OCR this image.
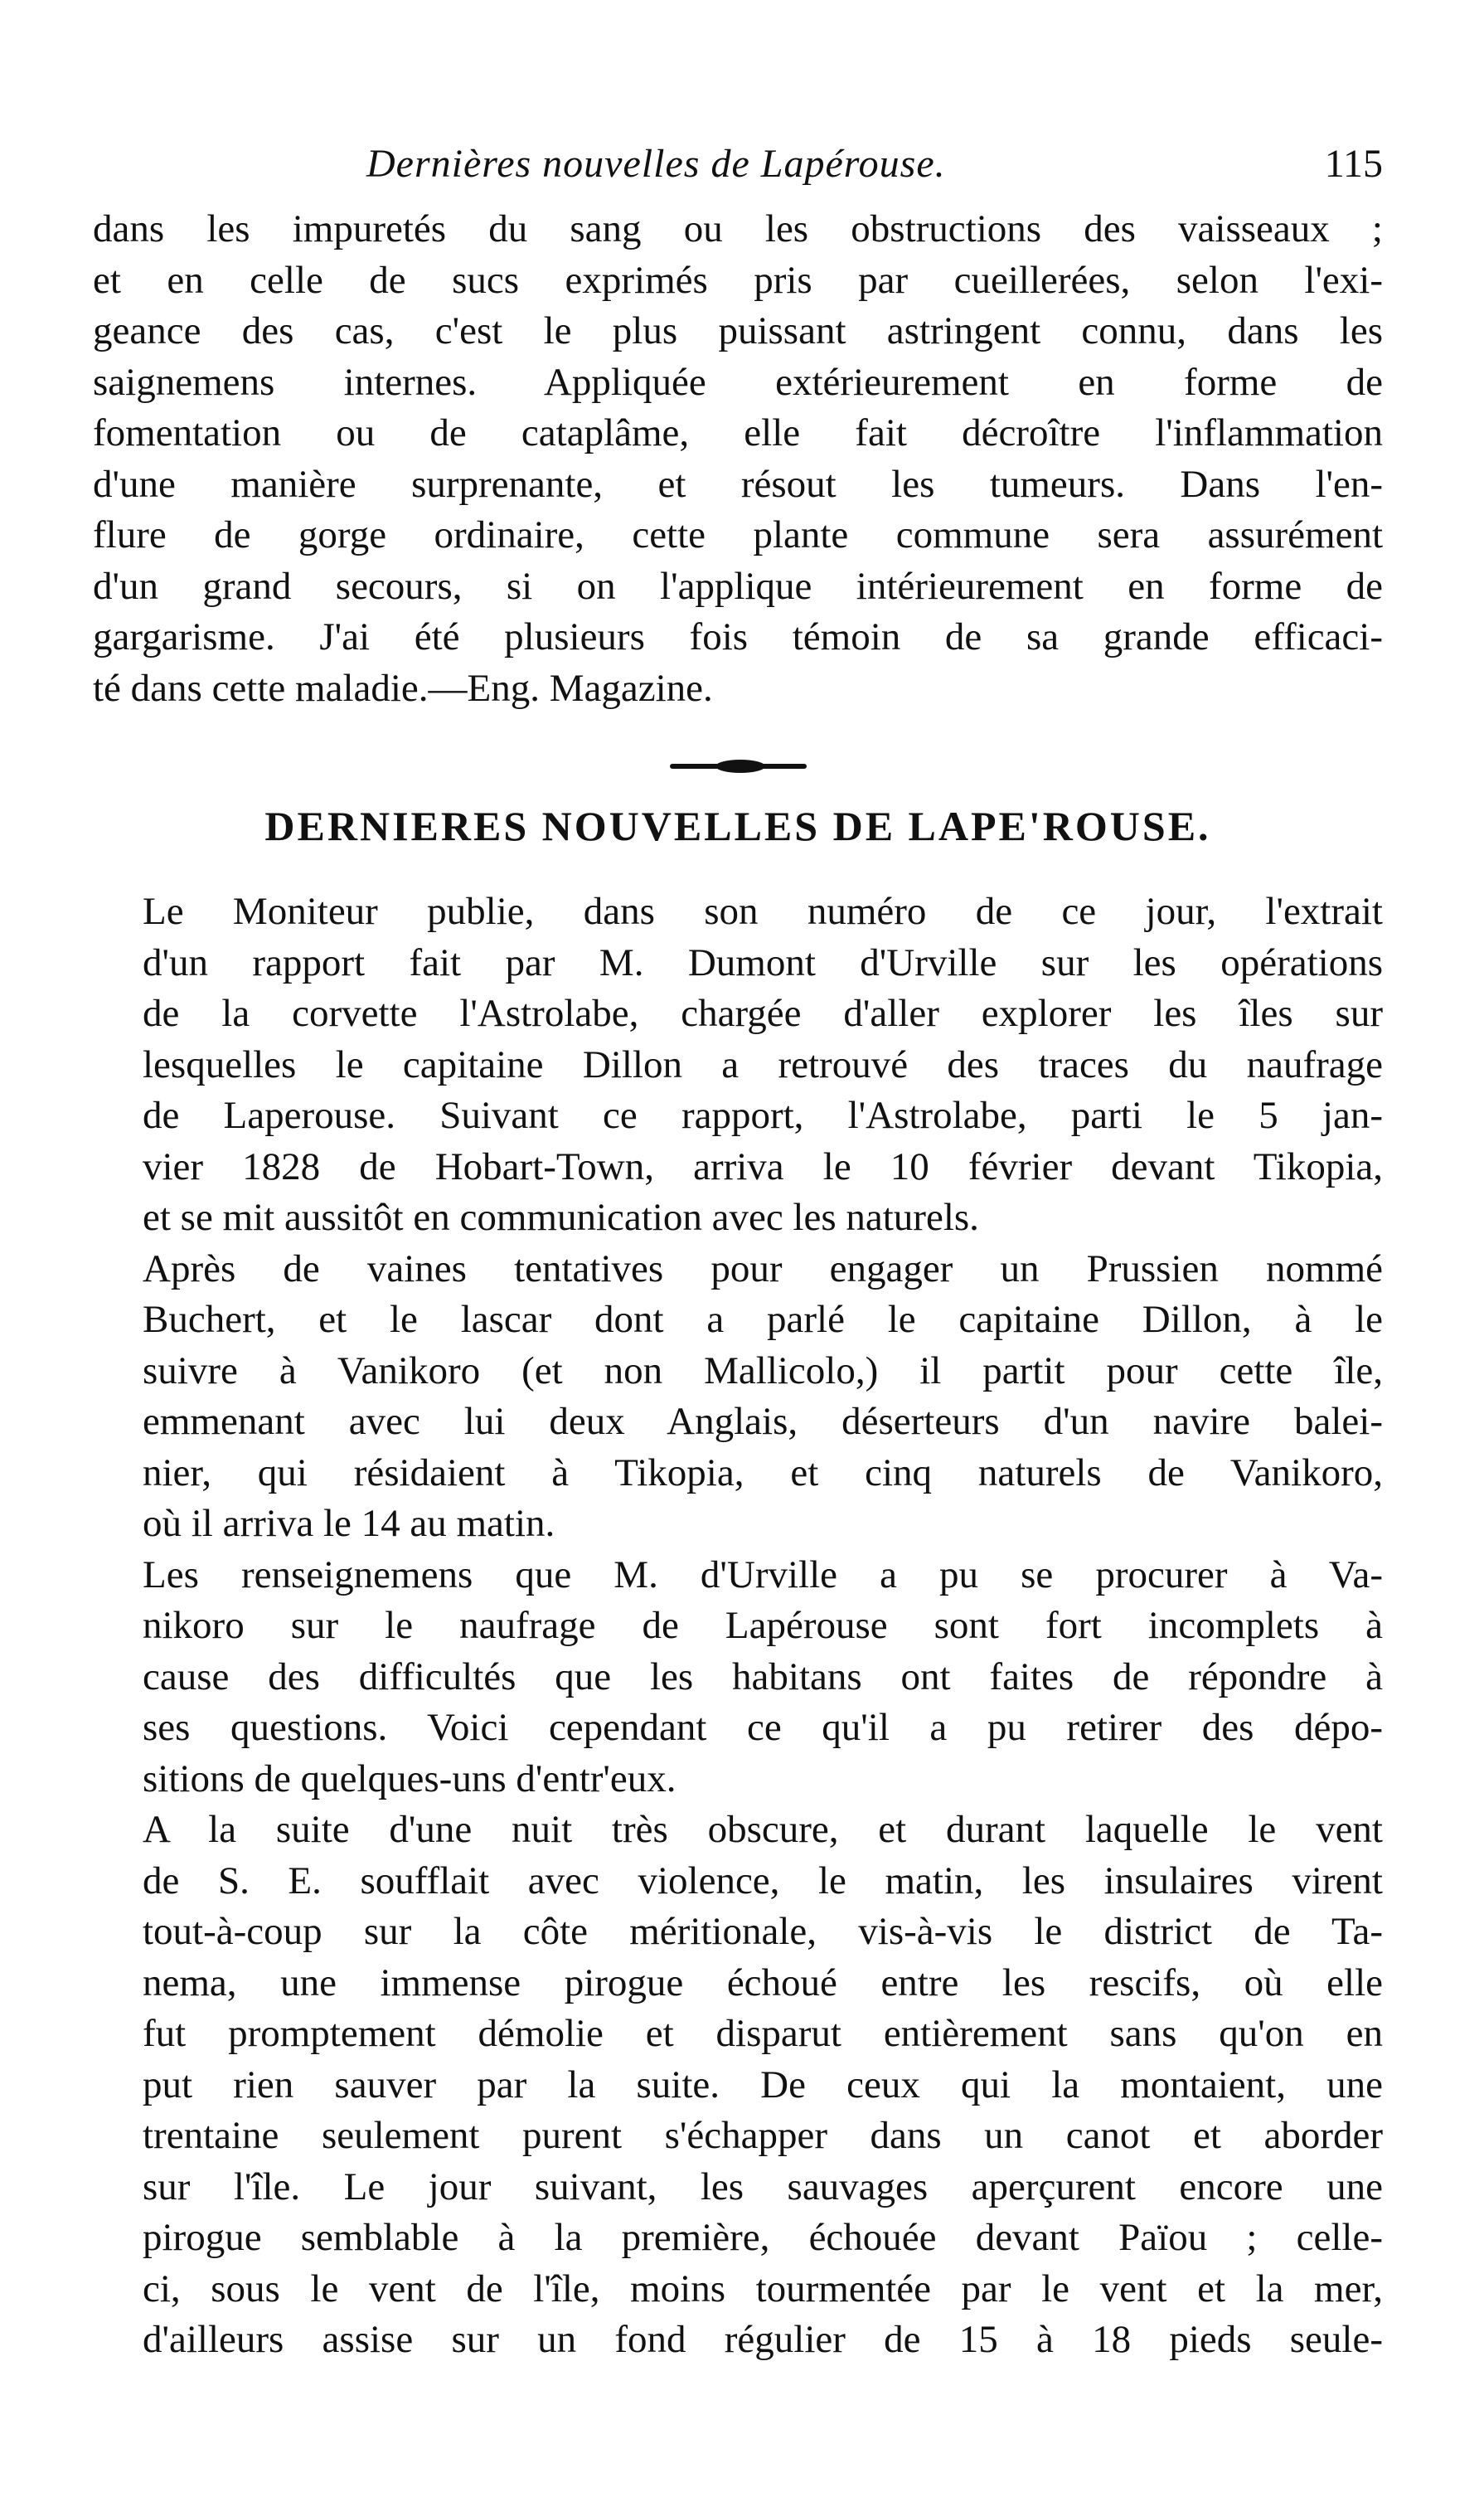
Dernières nouvelles de Lapérouse.	115
dans les impuretés du sang ou les obstructions des vaisseaux ;
et en celle de sucs exprimés pris par cueillerées, selon l'exi-
geance des cas, c'est le plus puissant astringent connu, dans les
saignemens internes. Appliquée extérieurement en forme de
fomentation ou de cataplâme, elle fait décroître l'inflammation
d'une manière surprenante, et résout les tumeurs. Dans l'en-
flure de gorge ordinaire, cette plante commune sera assurément
d'un grand secours, si on l'applique intérieurement en forme de
gargarisme. J'ai été plusieurs fois témoin de sa grande efficaci-
té dans cette maladie.—Eng. Magazine.
DERNIERES NOUVELLES DE LAPE'ROUSE.
Le Moniteur publie, dans son numéro de ce jour, l'extrait
d'un rapport fait par M. Dumont d'Urville sur les opérations
de la corvette l'Astrolabe, chargée d'aller explorer les îles sur
lesquelles le capitaine Dillon a retrouvé des traces du naufrage
de Laperouse. Suivant ce rapport, l'Astrolabe, parti le 5 jan-
vier 1828 de Hobart-Town, arriva le 10 février devant Tikopia,
et se mit aussitôt en communication avec les naturels.
Après de vaines tentatives pour engager un Prussien nommé
Buchert, et le lascar dont a parlé le capitaine Dillon, à le
suivre à Vanikoro (et non Mallicolo,) il partit pour cette île,
emmenant avec lui deux Anglais, déserteurs d'un navire balei-
nier, qui résidaient à Tikopia, et cinq naturels de Vanikoro,
où il arriva le 14 au matin.
Les renseignemens que M. d'Urville a pu se procurer à Va-
nikoro sur le naufrage de Lapérouse sont fort incomplets à
cause des difficultés que les habitans ont faites de répondre à
ses questions. Voici cependant ce qu'il a pu retirer des dépo-
sitions de quelques-uns d'entr'eux.
A la suite d'une nuit très obscure, et durant laquelle le vent
de S. E. soufflait avec violence, le matin, les insulaires virent
tout-à-coup sur la côte méritionale, vis-à-vis le district de Ta-
nema, une immense pirogue échoué entre les rescifs, où elle
fut promptement démolie et disparut entièrement sans qu'on en
put rien sauver par la suite. De ceux qui la montaient, une
trentaine seulement purent s'échapper dans un canot et aborder
sur l'île. Le jour suivant, les sauvages aperçurent encore une
pirogue semblable à la première, échouée devant Païou ; celle-
ci, sous le vent de l'île, moins tourmentée par le vent et la mer,
d'ailleurs assise sur un fond régulier de 15 à 18 pieds seule-
